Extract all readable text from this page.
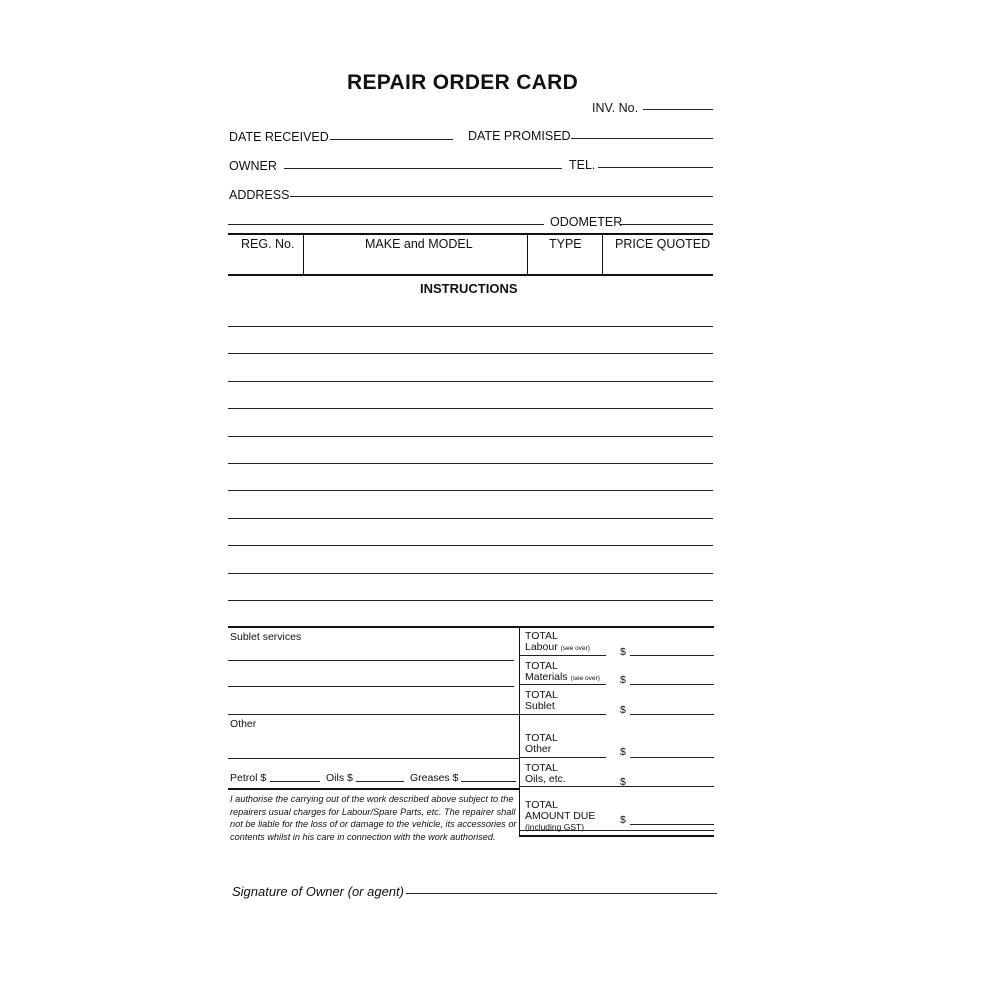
REPAIR ORDER CARD
INV. No.
DATE RECEIVED	DATE PROMISED
OWNER	TEL.
ADDRESS
ODOMETER
REG. No.	MAKE and MODEL	TYPE	PRICE QUOTED
INSTRUCTIONS
Sublet services
Other
Petrol $	Oils $	Greases $
I authorise the carrying out of the work described above subject to the repairers usual charges for Labour/Spare Parts, etc. The repairer shall not be liable for the loss of or damage to the vehicle, its accessories or contents whilst in his care in connection with the work authorised.
TOTAL
Labour (see over)	$
TOTAL
Materials (see over) $
TOTAL
Sublet	$
TOTAL
Other	$
TOTAL
Oils, etc.	$
TOTAL
AMOUNT DUE
(including GST)
$
Signature of Owner (or agent)
